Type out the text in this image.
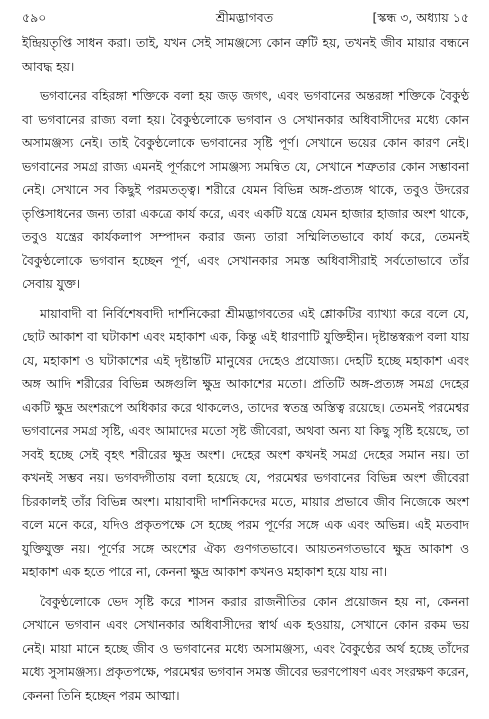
৫৯০	শ্রীমদ্ভাগবত	[স্কন্ধ ৩, অধ্যায় ১৫

ইন্দ্রিয়তৃপ্তি সাধন করা। তাই, যখন সেই সামঞ্জস্যে কোন ত্রুটি হয়, তখনই জীব মায়ার বন্ধনে আবদ্ধ হয়।

ভগবানের বহিরঙ্গা শক্তিকে বলা হয় জড় জগৎ, এবং ভগবানের অন্তরঙ্গা শক্তিকে বৈকুণ্ঠ বা ভগবানের রাজ্য বলা হয়। বৈকুণ্ঠলোকে ভগবান ও সেখানকার অধিবাসীদের মধ্যে কোন অসামঞ্জস্য নেই। তাই বৈকুণ্ঠলোকে ভগবানের সৃষ্টি পূর্ণ। সেখানে ভয়ের কোন কারণ নেই। ভগবানের সমগ্র রাজ্য এমনই পূর্ণরূপে সামঞ্জস্য সমন্বিত যে, সেখানে শত্রুতার কোন সম্ভাবনা নেই। সেখানে সব কিছুই পরমতত্ত্ব। শরীরে যেমন বিভিন্ন অঙ্গ-প্রত্যঙ্গ থাকে, তবুও উদরের তৃপ্তিসাধনের জন্য তারা একত্রে কার্য করে, এবং একটি যন্ত্রে যেমন হাজার হাজার অংশ থাকে, তবুও যন্ত্রের কার্যকলাপ সম্পাদন করার জন্য তারা সম্মিলিতভাবে কার্য করে, তেমনই বৈকুণ্ঠলোকে ভগবান হচ্ছেন পূর্ণ, এবং সেখানকার সমস্ত অধিবাসীরাই সর্বতোভাবে তাঁর সেবায় যুক্ত।

মায়াবাদী বা নির্বিশেষবাদী দার্শনিকেরা শ্রীমদ্ভাগবতের এই শ্লোকটির ব্যাখ্যা করে বলে যে, ছোট আকাশ বা ঘটাকাশ এবং মহাকাশ এক, কিন্তু এই ধারণাটি যুক্তিহীন। দৃষ্টান্তস্বরূপ বলা যায় যে, মহাকাশ ও ঘটাকাশের এই দৃষ্টান্তটি মানুষের দেহেও প্রযোজ্য। দেহটি হচ্ছে মহাকাশ এবং অঙ্গ আদি শরীরের বিভিন্ন অঙ্গগুলি ক্ষুদ্র আকাশের মতো। প্রতিটি অঙ্গ-প্রত্যঙ্গ সমগ্র দেহের একটি ক্ষুদ্র অংশরূপে অধিকার করে থাকলেও, তাদের স্বতন্ত্র অস্তিত্ব রয়েছে। তেমনই পরমেশ্বর ভগবানের সমগ্র সৃষ্টি, এবং আমাদের মতো সৃষ্ট জীবেরা, অথবা অন্য যা কিছু সৃষ্টি হয়েছে, তা সবই হচ্ছে সেই বৃহৎ শরীরের ক্ষুদ্র অংশ। দেহের অংশ কখনই সমগ্র দেহের সমান নয়। তা কখনই সম্ভব নয়। ভগবদ্গীতায় বলা হয়েছে যে, পরমেশ্বর ভগবানের বিভিন্ন অংশ জীবেরা চিরকালই তাঁর বিভিন্ন অংশ। মায়াবাদী দার্শনিকদের মতে, মায়ার প্রভাবে জীব নিজেকে অংশ বলে মনে করে, যদিও প্রকৃতপক্ষে সে হচ্ছে পরম পূর্ণের সঙ্গে এক এবং অভিন্ন। এই মতবাদ যুক্তিযুক্ত নয়। পূর্ণের সঙ্গে অংশের ঐক্য গুণগতভাবে। আয়তনগতভাবে ক্ষুদ্র আকাশ ও মহাকাশ এক হতে পারে না, কেননা ক্ষুদ্র আকাশ কখনও মহাকাশ হয়ে যায় না।

বৈকুণ্ঠলোকে ভেদ সৃষ্টি করে শাসন করার রাজনীতির কোন প্রয়োজন হয় না, কেননা সেখানে ভগবান এবং সেখানকার অধিবাসীদের স্বার্থ এক হওয়ায়, সেখানে কোন রকম ভয় নেই। মায়া মানে হচ্ছে জীব ও ভগবানের মধ্যে অসামঞ্জস্য, এবং বৈকুণ্ঠের অর্থ হচ্ছে তাঁদের মধ্যে সুসামঞ্জস্য। প্রকৃতপক্ষে, পরমেশ্বর ভগবান সমস্ত জীবের ভরণপোষণ এবং সংরক্ষণ করেন, কেননা তিনি হচ্ছেন পরম আত্মা।
